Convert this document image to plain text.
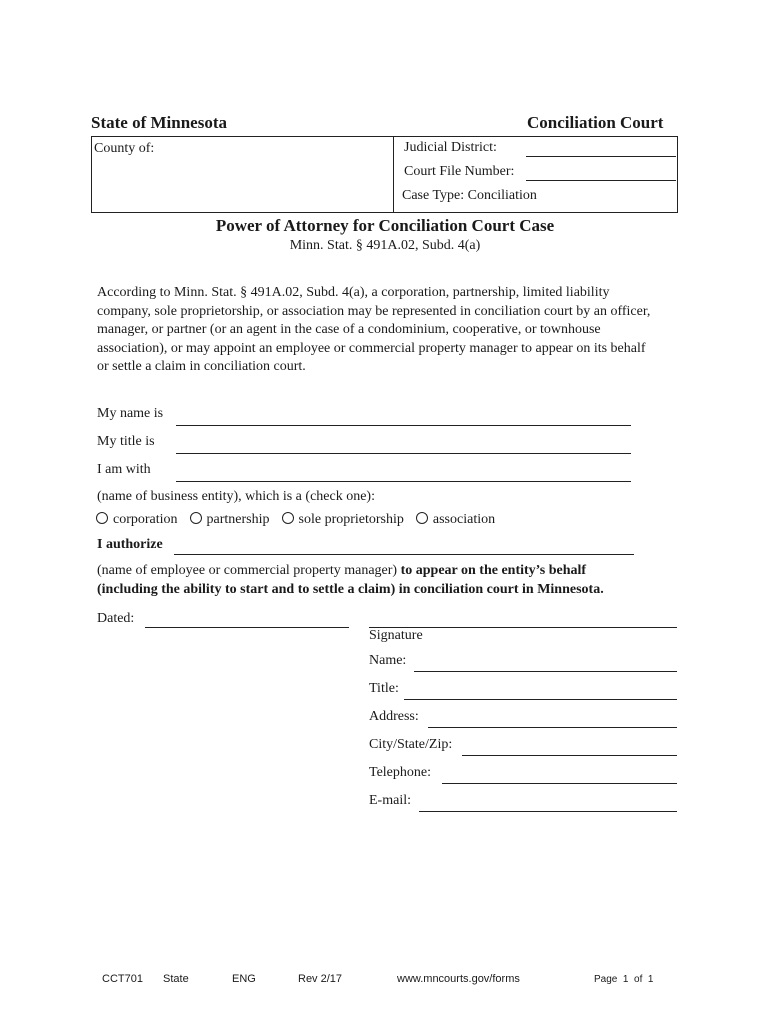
State of Minnesota	Conciliation Court
County of:	Judicial District:
Court File Number:
Case Type: Conciliation
Power of Attorney for Conciliation Court Case
Minn. Stat. § 491A.02, Subd. 4(a)
According to Minn. Stat. § 491A.02, Subd. 4(a), a corporation, partnership, limited liability company, sole proprietorship, or association may be represented in conciliation court by an officer, manager, or partner (or an agent in the case of a condominium, cooperative, or townhouse association), or may appoint an employee or commercial property manager to appear on its behalf or settle a claim in conciliation court.
My name is
My title is
I am with
(name of business entity), which is a (check one):
corporation partnership sole proprietorship association
I authorize
(name of employee or commercial property manager) to appear on the entity’s behalf
(including the ability to start and to settle a claim) in conciliation court in Minnesota.
Dated:
Signature
Name:
Title:
Address:
City/State/Zip:
Telephone:
E-mail:
CCT701 State	ENG	Rev 2/17	www.mncourts.gov/forms	Page  1  of  1
